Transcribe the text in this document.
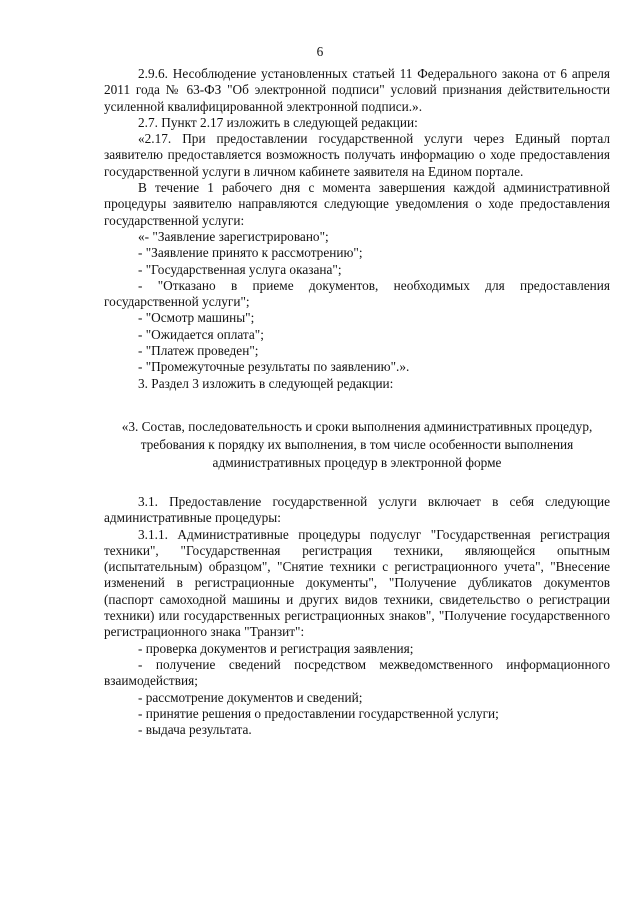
6

2.9.6. Несоблюдение установленных статьей 11 Федерального закона от 6 апреля 2011 года № 63-ФЗ "Об электронной подписи" условий признания действительности усиленной квалифицированной электронной подписи.».

2.7. Пункт 2.17 изложить в следующей редакции:

«2.17. При предоставлении государственной услуги через Единый портал заявителю предоставляется возможность получать информацию о ходе предоставления государственной услуги в личном кабинете заявителя на Едином портале.

В течение 1 рабочего дня с момента завершения каждой административной процедуры заявителю направляются следующие уведомления о ходе предоставления государственной услуги:

«- "Заявление зарегистрировано";

- "Заявление принято к рассмотрению";

- "Государственная услуга оказана";

- "Отказано в приеме документов, необходимых для предоставления государственной услуги";

- "Осмотр машины";

- "Ожидается оплата";

- "Платеж проведен";

- "Промежуточные результаты по заявлению".».

3. Раздел 3 изложить в следующей редакции:

«3. Состав, последовательность и сроки выполнения административных процедур, требования к порядку их выполнения, в том числе особенности выполнения административных процедур в электронной форме

3.1. Предоставление государственной услуги включает в себя следующие административные процедуры:

3.1.1. Административные процедуры подуслуг "Государственная регистрация техники", "Государственная регистрация техники, являющейся опытным (испытательным) образцом", "Снятие техники с регистрационного учета", "Внесение изменений в регистрационные документы", "Получение дубликатов документов (паспорт самоходной машины и других видов техники, свидетельство о регистрации техники) или государственных регистрационных знаков", "Получение государственного регистрационного знака "Транзит":

- проверка документов и регистрация заявления;

- получение сведений посредством межведомственного информационного взаимодействия;

- рассмотрение документов и сведений;

- принятие решения о предоставлении государственной услуги;

- выдача результата.
